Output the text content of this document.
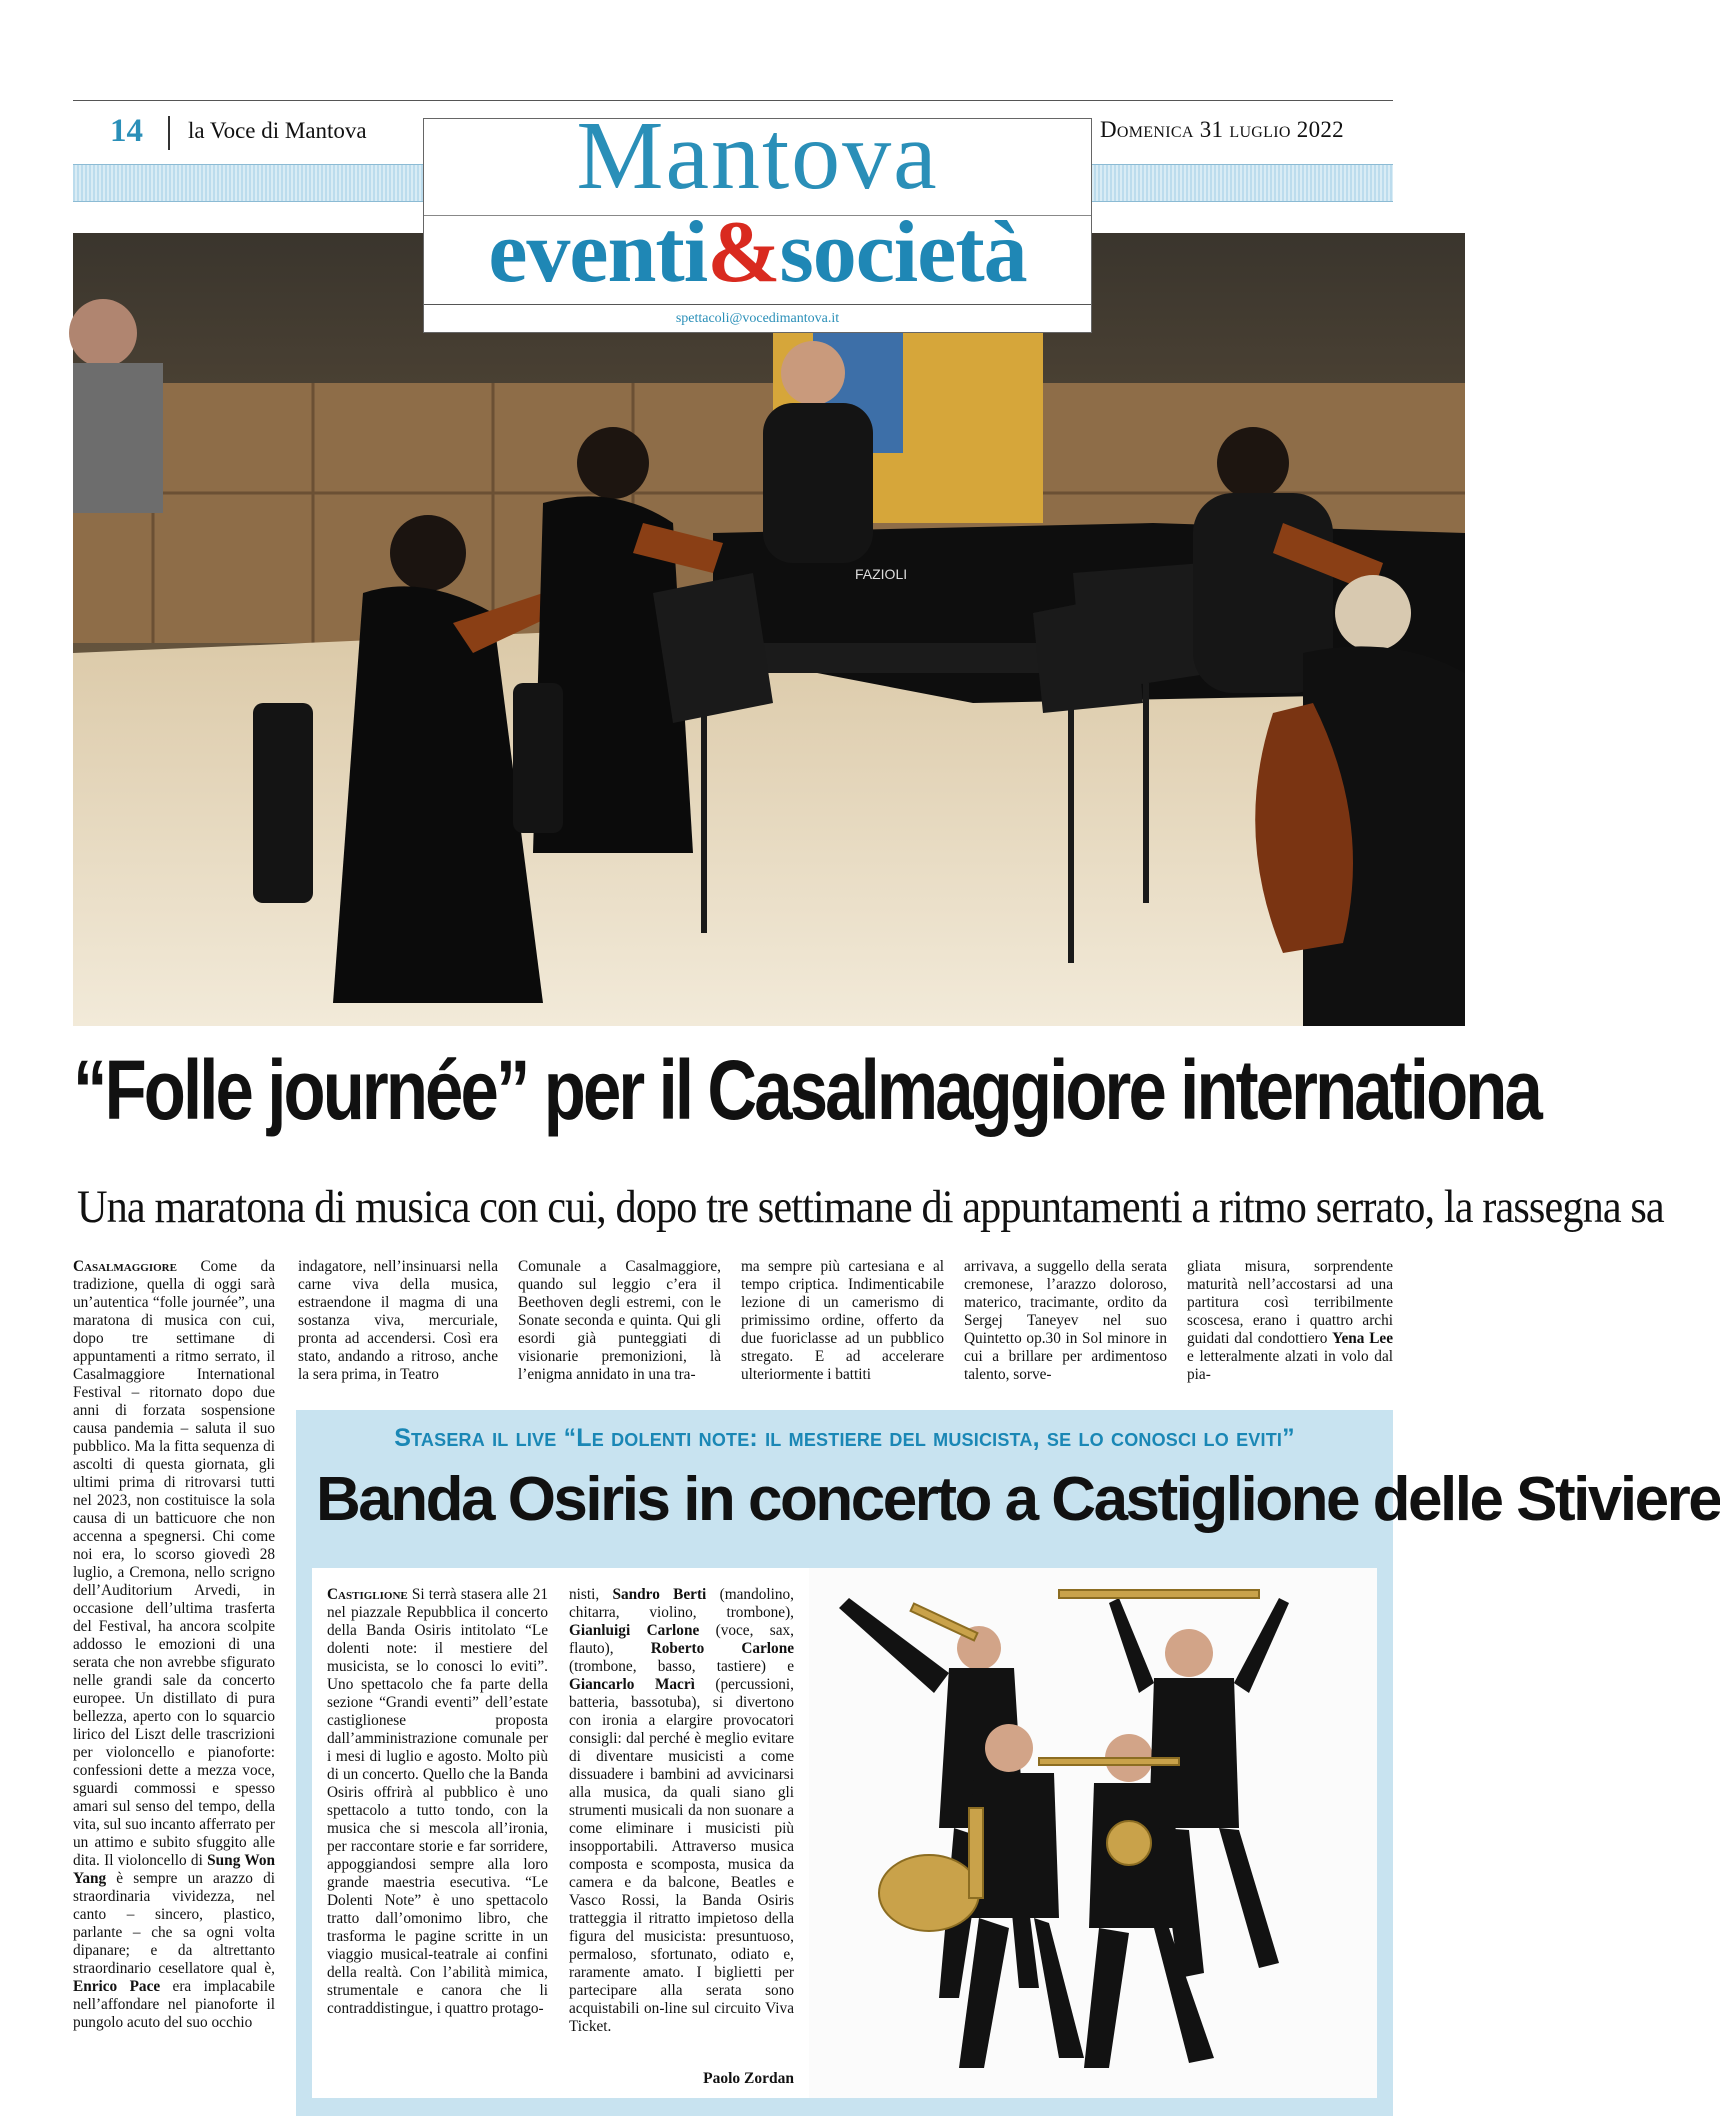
14 la Voce di Mantova	Domenica 31 luglio 2022
FAZIOLI
Mantova
eventi&società
spettacoli@vocedimantova.it
“Folle journée” per il Casalmaggiore internationa
Una maratona di musica con cui, dopo tre settimane di appuntamenti a ritmo serrato, la rassegna sa
Casalmaggiore Come da tradizione, quella di oggi sarà un’autentica “folle journée”, una maratona di musica con cui, dopo tre settimane di appuntamenti a ritmo serrato, il Casalmaggiore International Festival – ritornato dopo due anni di forzata sospensione causa pandemia – saluta il suo pubblico. Ma la fitta sequenza di ascolti di questa giornata, gli ultimi prima di ritrovarsi tutti nel 2023, non costituisce la sola causa di un batticuore che non accenna a spegnersi. Chi come noi era, lo scorso giovedì 28 luglio, a Cremona, nello scrigno dell’Auditorium Arvedi, in occasione dell’ultima trasferta del Festival, ha ancora scolpite addosso le emozioni di una serata che non avrebbe sfigurato nelle grandi sale da concerto europee. Un distillato di pura bellezza, aperto con lo squarcio lirico del Liszt delle trascrizioni per violoncello e pianoforte: confessioni dette a mezza voce, sguardi commossi e spesso amari sul senso del tempo, della vita, sul suo incanto afferrato per un attimo e subito sfuggito alle dita. Il violoncello di Sung Won Yang è sempre un arazzo di straordinaria vividezza, nel canto – sincero, plastico, parlante – che sa ogni volta dipanare; e da altrettanto straordinario cesellatore qual è, Enrico Pace era implacabile nell’affondare nel pianoforte il pungolo acuto del suo occhio
indagatore, nell’insinuarsi nella carne viva della musica, estraendone il magma di una sostanza viva, mercuriale, pronta ad accendersi. Così era stato, andando a ritroso, anche la sera prima, in Teatro
Comunale a Casalmaggiore, quando sul leggio c’era il Beethoven degli estremi, con le Sonate seconda e quinta. Qui gli esordi già punteggiati di visionarie premonizioni, là l’enigma annidato in una tra-
ma sempre più cartesiana e al tempo criptica. Indimenticabile lezione di un camerismo di primissimo ordine, offerto da due fuoriclasse ad un pubblico stregato. E ad accelerare ulteriormente i battiti
arrivava, a suggello della serata cremonese, l’arazzo doloroso, materico, tracimante, ordito da Sergej Taneyev nel suo Quintetto op.30 in Sol minore in cui a brillare per ardimentoso talento, sorve-
gliata misura, sorprendente maturità nell’accostarsi ad una partitura così terribilmente scoscesa, erano i quattro archi guidati dal condottiero Yena Lee e letteralmente alzati in volo dal pia-
Stasera il live “Le dolenti note: il mestiere del musicista, se lo conosci lo eviti”
Banda Osiris in concerto a Castiglione delle Stiviere
Castiglione Si terrà stasera alle 21 nel piazzale Repubblica il concerto della Banda Osiris intitolato “Le dolenti note: il mestiere del musicista, se lo conosci lo eviti”. Uno spettacolo che fa parte della sezione “Grandi eventi” dell’estate castiglionese proposta dall’amministrazione comunale per i mesi di luglio e agosto. Molto più di un concerto. Quello che la Banda Osiris offrirà al pubblico è uno spettacolo a tutto tondo, con la musica che si mescola all’ironia, per raccontare storie e far sorridere, appoggiandosi sempre alla loro grande maestria esecutiva. “Le Dolenti Note” è uno spettacolo tratto dall’omonimo libro, che trasforma le pagine scritte in un viaggio musical-teatrale ai confini della realtà. Con l’abilità mimica, strumentale e canora che li contraddistingue, i quattro protago-
nisti, Sandro Berti (mandolino, chitarra, violino, trombone), Gianluigi Carlone (voce, sax, flauto), Roberto Carlone (trombone, basso, tastiere) e Giancarlo Macrì (percussioni, batteria, bassotuba), si divertono con ironia a elargire provocatori consigli: dal perché è meglio evitare di diventare musicisti a come dissuadere i bambini ad avvicinarsi alla musica, da quali siano gli strumenti musicali da non suonare a come eliminare i musicisti più insopportabili. Attraverso musica composta e scomposta, musica da camera e da balcone, Beatles e Vasco Rossi, la Banda Osiris tratteggia il ritratto impietoso della figura del musicista: presuntuoso, permaloso, sfortunato, odiato e, raramente amato. I biglietti per partecipare alla serata sono acquistabili on-line sul circuito Viva Ticket.
Paolo Zordan
